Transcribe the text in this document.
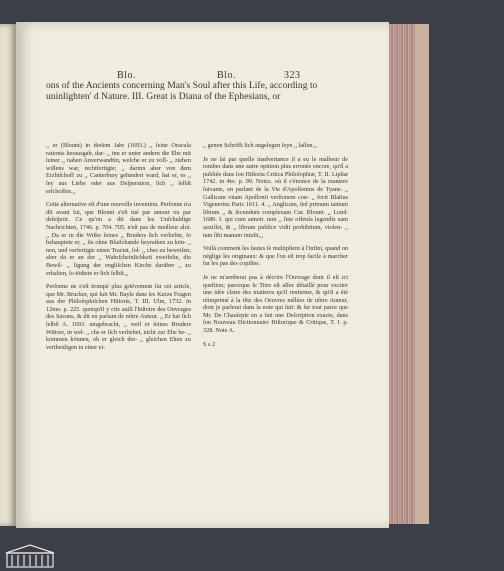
Blo.	Blo.	323
ons of the Ancients concerning Man's Soul after this Life, according to uninlighten' d Nature. III. Great is Diana of the Ephesians, or

,, er (Blount) in dieſem Jahr (1693.) ,, ſeine Oracula rationis herausgab, dar- ,, inn er unter andern die Ehe mit ſeiner ,, nahen Anverwandtin, welche er zu voll- ,, ziehen willens war, rechtfertigte; ,, darinn aber von dem Erzbiſchoff zu ,, Canterbury gehindert ward, hat er, es ,, ſey aus Liebe oder aus Deſperation, ſich ,, ſelbſt erſchoſſen.,,

Cette alternative eſt d'une nouvelle invention. Perſonne n'a dit avant lui, que Blount s'eſt tué par amour ou par deſeſpoir. Ce qu'on a dit dans les Unſchuldige Nachrichten, 1746. p. 704. 705. n'eſt pas de meilleur aloi. ,, Da er in die Witbe ſeines ,, Bruders ſich verliebte, ſo behauptete er, ,, ſie ohne Bluiſchande heyrathen zu kön- ,, nen, und verfertigte einen Tractat, ſol- ,, ches zu beweiſen; aber da er an der ,, Wahrſcheinlichkeit zweifelte, die Bewil- ,, ligung der engliſchen Kirche darüber ,, zu erhalten, ſo tödtete er ſich ſelbſt.,,

Perſonne ne s'eſt trompé plus griévement ſur cet article, que Mr. Brucker, qui luit Mr. Bayle dans ſes Kurze Fragen aus der Philoſophiſchen Hiſtorie, T. III. Ulm, 1732. in 12mo. p. 225. quoiqu'il y cite auſſi l'hiſtoire des Ouvrages des Savans, & dit en parlant de nôtre Auteur. ,, Er hat ſich ſelbſt A. 1693. umgebracht, ,, weil er ſeines Bruders Wittwe, in wel- ,, che er ſich verliebet, nicht zur Ehe be- ,, kommen können, ob er gleich der- ,, gleichen Ehen zu vertheidigen in einer ei-

,, genen Schrifft ſich angelegen ſeyn ,, laſſen.,,

Je ne ſai par quelle inadvertance il a eu le malheur de tomber dans une autre opinion plus erronée encore, qu'il a publiée dans ſon Hiſtoria Critica Philoſophiæ, T. II. Lipſiæ 1742. in 4to. p. 99. Notez. où il s'énonce de la maniere ſuivante, en parlant de la Vie d'Apollonius de Tyane. ,, Gallicam vitam Apollonii verſionem con- ,, fecit Blaſius Vigenerius Paris 1611. 4. ,, Anglicam, ſed primum tantum librum ,, & ſecundum complexam Car. Blount. ,, Lond. 1680. f. qui cum annott. non ,, ſine offenſa legendis eam auxiſſet, & ,, librum publice vidit prohibitum, violen- ,, tam ſibi manum intulit.,,

Voilà comment les fautes ſe multiplient à l'infini, quand on néglige les originaux: & que l'on eſt trop facile à marcher ſur les pas des copiſtes.

Je ne m'arrêterai pas à décrire l'Ouvrage dont il eſt ici queſtion; parceque le Titre eſt aſſez détaillé pour exciter une idée claire des matieres qu'il renferme, & qu'il a été réimprimé à la tête des Oeuvres mêlées de nôtre Auteur, dont je parlerai dans la note qui ſuit: & ſur tout parce que Mr. De Chauſepie en a fait une Deſcription exacte, dans ſon Nouveau Dictionnaire Hiſtorique & Critique, T. I. p. 328. Note A.

S s 2
